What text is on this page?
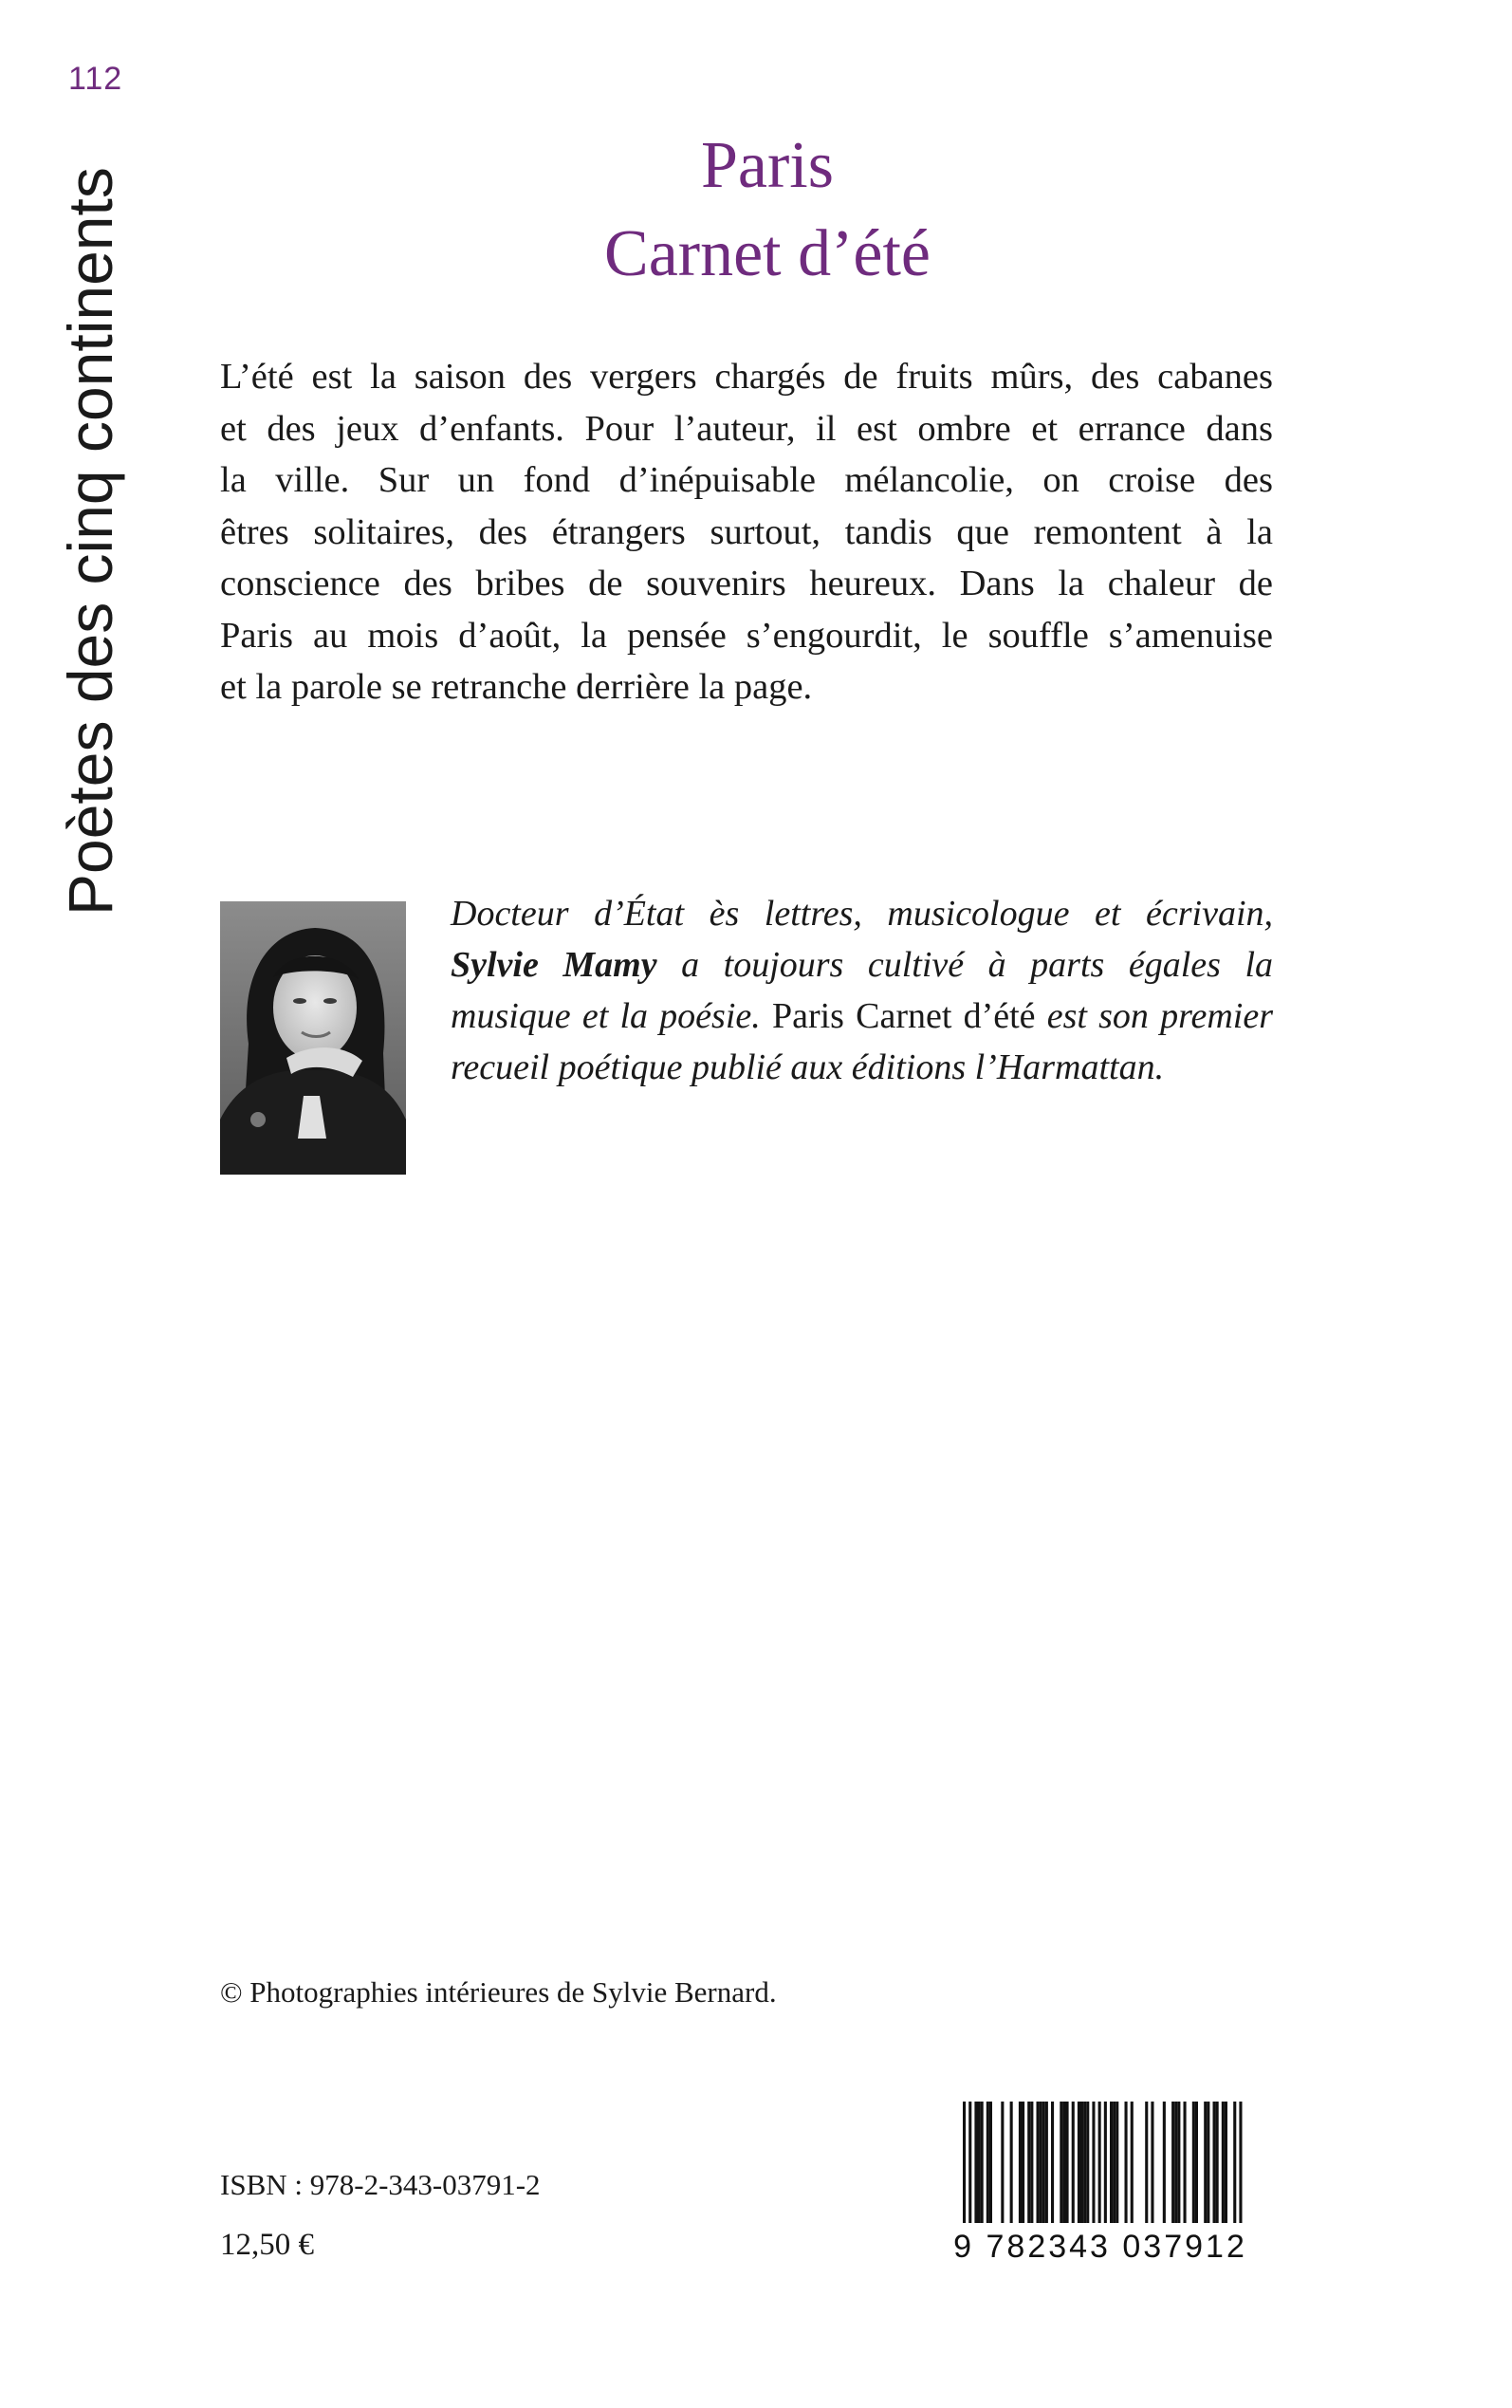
112
Poètes des cinq continents
Paris
Carnet d’été
L’été est la saison des vergers chargés de fruits mûrs, des cabanes
et des jeux d’enfants. Pour l’auteur, il est ombre et errance dans
la ville. Sur un fond d’inépuisable mélancolie, on croise des
êtres solitaires, des étrangers surtout, tandis que remontent à la
conscience des bribes de souvenirs heureux. Dans la chaleur de
Paris au mois d’août, la pensée s’engourdit, le souffle s’amenuise
et la parole se retranche derrière la page.
Docteur d’État ès lettres, musicologue et écrivain,
Sylvie Mamy a toujours cultivé à parts égales la
musique et la poésie. Paris Carnet d’été est son premier
recueil poétique publié aux éditions l’Harmattan.
© Photographies intérieures de Sylvie Bernard.
ISBN : 978-2-343-03791-2
12,50 €	9 782343 037912
